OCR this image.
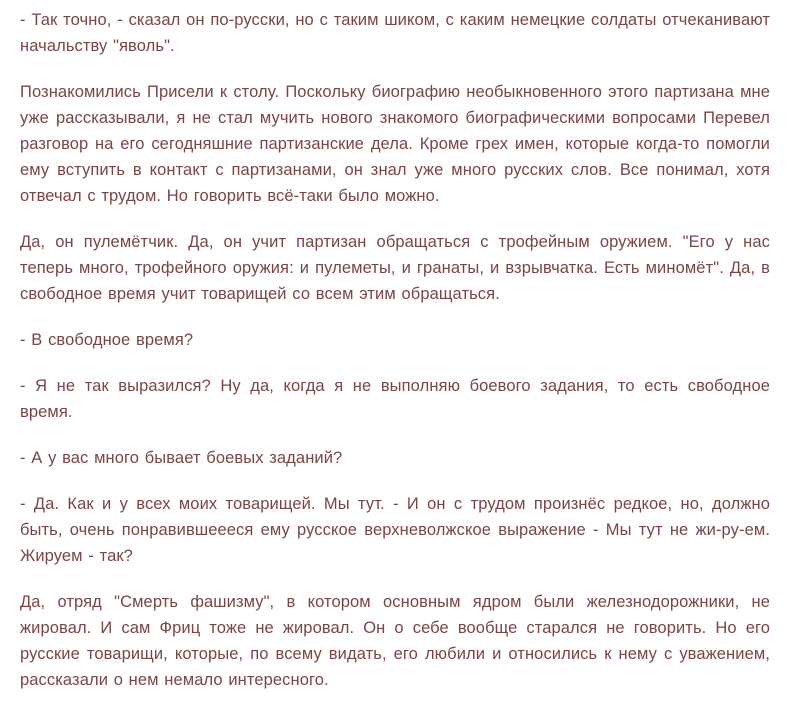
- Так точно, - сказал он по-русски, но с таким шиком, с каким немецкие солдаты отчеканивают начальству "яволь".

Познакомились Присели к столу. Поскольку биографию необыкновенного этого партизана мне уже рассказывали, я не стал мучить нового знакомого биографическими вопросами Перевел разговор на его сегодняшние партизанские дела. Кроме грех имен, которые когда-то помогли ему вступить в контакт с партизанами, он знал уже много русских слов. Все понимал, хотя отвечал с трудом. Но говорить всё-таки было можно.

Да, он пулемётчик. Да, он учит партизан обращаться с трофейным оружием. "Его у нас теперь много, трофейного оружия: и пулеметы, и гранаты, и взрывчатка. Есть миномёт". Да, в свободное время учит товарищей со всем этим обращаться.

- В свободное время?

- Я не так выразился? Ну да, когда я не выполняю боевого задания, то есть свободное время.

- А у вас много бывает боевых заданий?

- Да. Как и у всех моих товарищей. Мы тут. - И он с трудом произнёс редкое, но, должно быть, очень понравившеееся ему русское верхневолжское выражение - Мы тут не жи-ру-ем. Жируем - так?

Да, отряд "Смерть фашизму", в котором основным ядром были железнодорожники, не жировал. И сам Фриц тоже не жировал. Он о себе вообще старался не говорить. Но его русские товарищи, которые, по всему видать, его любили и относились к нему с уважением, рассказали о нем немало интересного.
